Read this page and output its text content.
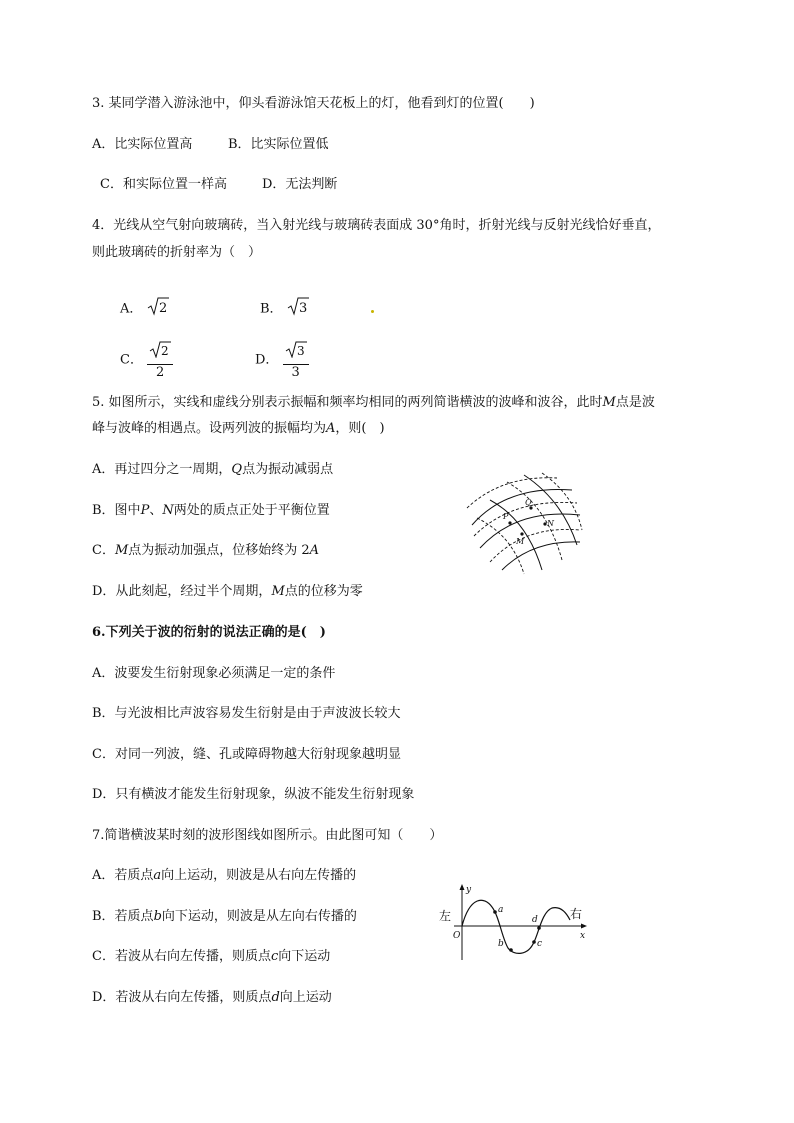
3. 某同学潜入游泳池中，仰头看游泳馆天花板上的灯，他看到灯的位置(　　)
A．比实际位置高	B．比实际位置低
C．和实际位置一样高	D．无法判断
4．光线从空气射向玻璃砖，当入射光线与玻璃砖表面成 30°角时，折射光线与反射光线恰好垂直，
则此玻璃砖的折射率为（　）
A． 2	B． 3
C． $\frac{2}{2}$	D． $\frac{3}{3}$
5. 如图所示，实线和虚线分别表示振幅和频率均相同的两列简谐横波的波峰和波谷，此时M点是波
峰与波峰的相遇点。设两列波的振幅均为A，则(　)
A．再过四分之一周期，Q点为振动减弱点
B．图中P、N两处的质点正处于平衡位置
C．M点为振动加强点，位移始终为 2A
D．从此刻起，经过半个周期，M点的位移为零
P
Q
N
M
6.下列关于波的衍射的说法正确的是(　)
A．波要发生衍射现象必须满足一定的条件
B．与光波相比声波容易发生衍射是由于声波波长较大
C．对同一列波，缝、孔或障碍物越大衍射现象越明显
D．只有横波才能发生衍射现象，纵波不能发生衍射现象
7.简谐横波某时刻的波形图线如图所示。由此图可知（　　）
A．若质点a向上运动，则波是从右向左传播的
B．若质点b向下运动，则波是从左向右传播的
C．若波从右向左传播，则质点c向下运动
D．若波从右向左传播，则质点d向上运动
左	右
y
x
O
a
b	c
d
